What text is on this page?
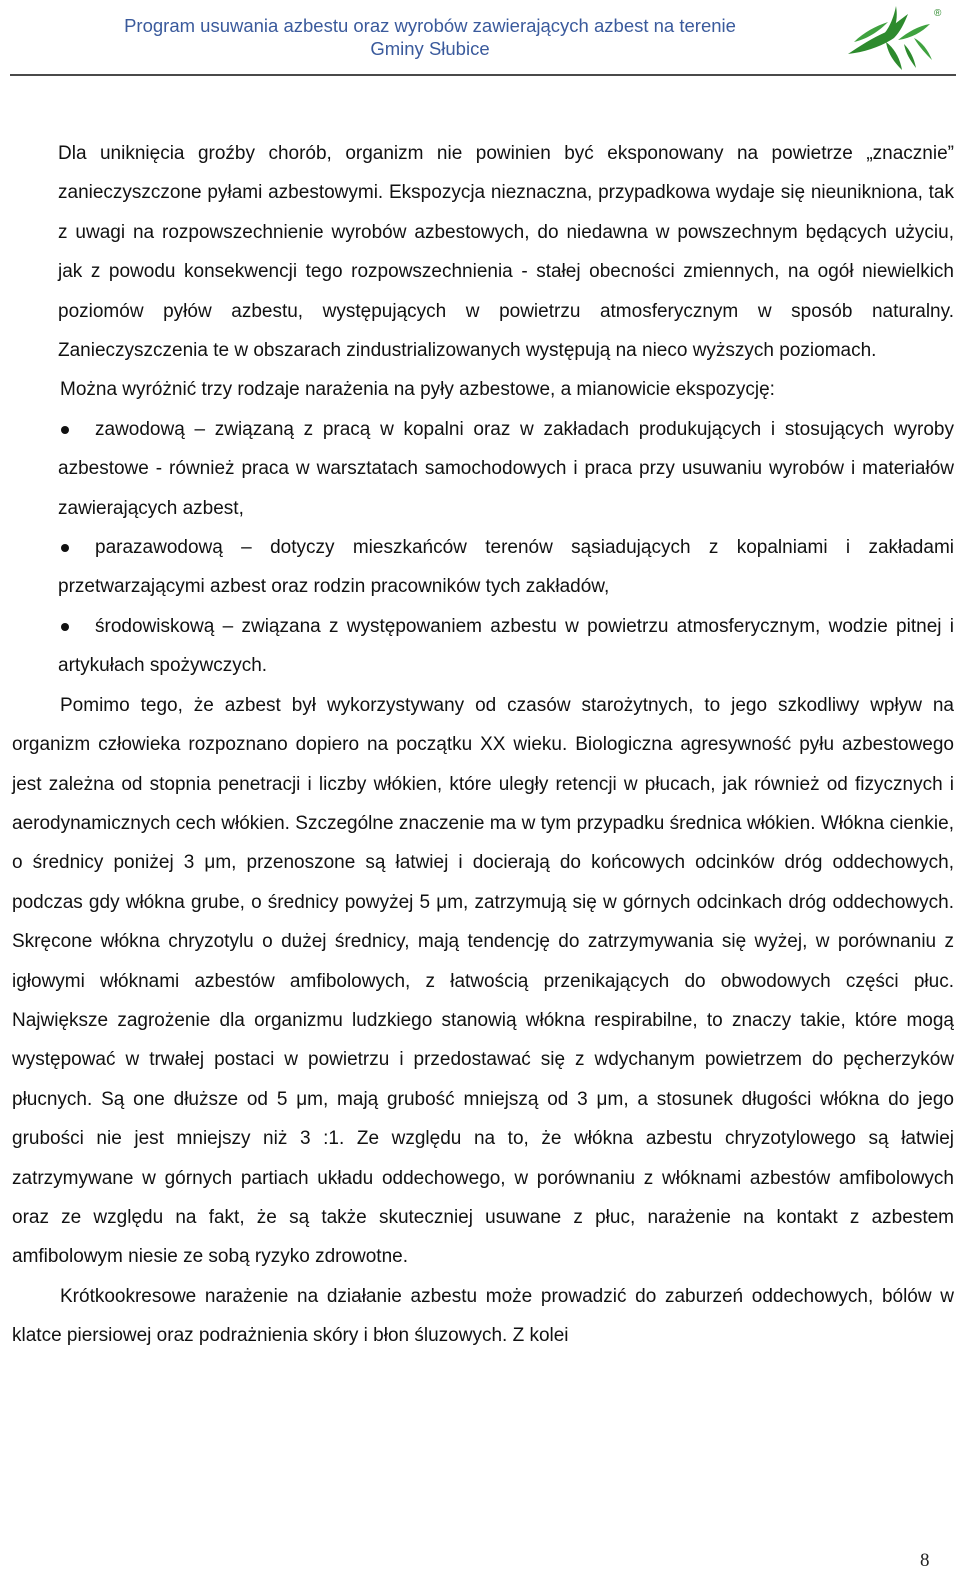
Program usuwania azbestu oraz wyrobów zawierających azbest na terenie
Gminy Słubice
®

Dla uniknięcia groźby chorób, organizm nie powinien być eksponowany na powietrze „znacznie” zanieczyszczone pyłami azbestowymi. Ekspozycja nieznaczna, przypadkowa wydaje się nieunikniona, tak z uwagi na rozpowszechnienie wyrobów azbestowych, do niedawna w powszechnym będących użyciu, jak z powodu konsekwencji tego rozpowszechnienia - stałej obecności zmiennych, na ogół niewielkich poziomów pyłów azbestu, występujących w powietrzu atmosferycznym w sposób naturalny. Zanieczyszczenia te w obszarach zindustrializowanych występują na nieco wyższych poziomach.

Można wyróżnić trzy rodzaje narażenia na pyły azbestowe, a mianowicie ekspozycję:

zawodową – związaną z pracą w kopalni oraz w zakładach produkujących i stosujących wyroby azbestowe - również praca w warsztatach samochodowych i praca przy usuwaniu wyrobów i materiałów zawierających azbest,

parazawodową – dotyczy mieszkańców terenów sąsiadujących z kopalniami i zakładami przetwarzającymi azbest oraz rodzin pracowników tych zakładów,

środowiskową – związana z występowaniem azbestu w powietrzu atmosferycznym, wodzie pitnej i artykułach spożywczych.

Pomimo tego, że azbest był wykorzystywany od czasów starożytnych, to jego szkodliwy wpływ na organizm człowieka rozpoznano dopiero na początku XX wieku. Biologiczna agresywność pyłu azbestowego jest zależna od stopnia penetracji i liczby włókien, które uległy retencji w płucach, jak również od fizycznych i aerodynamicznych cech włókien. Szczególne znaczenie ma w tym przypadku średnica włókien. Włókna cienkie, o średnicy poniżej 3 μm, przenoszone są łatwiej i docierają do końcowych odcinków dróg oddechowych, podczas gdy włókna grube, o średnicy powyżej 5 μm, zatrzymują się w górnych odcinkach dróg oddechowych. Skręcone włókna chryzotylu o dużej średnicy, mają tendencję do zatrzymywania się wyżej, w porównaniu z igłowymi włóknami azbestów amfibolowych, z łatwością przenikających do obwodowych części płuc. Największe zagrożenie dla organizmu ludzkiego stanowią włókna respirabilne, to znaczy takie, które mogą występować w trwałej postaci w powietrzu i przedostawać się z wdychanym powietrzem do pęcherzyków płucnych. Są one dłuższe od 5 μm, mają grubość mniejszą od 3 μm, a stosunek długości włókna do jego grubości nie jest mniejszy niż 3 :1. Ze względu na to, że włókna azbestu chryzotylowego są łatwiej zatrzymywane w górnych partiach układu oddechowego, w porównaniu z włóknami azbestów amfibolowych oraz ze względu na fakt, że są także skuteczniej usuwane z płuc, narażenie na kontakt z azbestem amfibolowym niesie ze sobą ryzyko zdrowotne.

Krótkookresowe narażenie na działanie azbestu może prowadzić do zaburzeń oddechowych, bólów w klatce piersiowej oraz podrażnienia skóry i błon śluzowych. Z kolei

8
